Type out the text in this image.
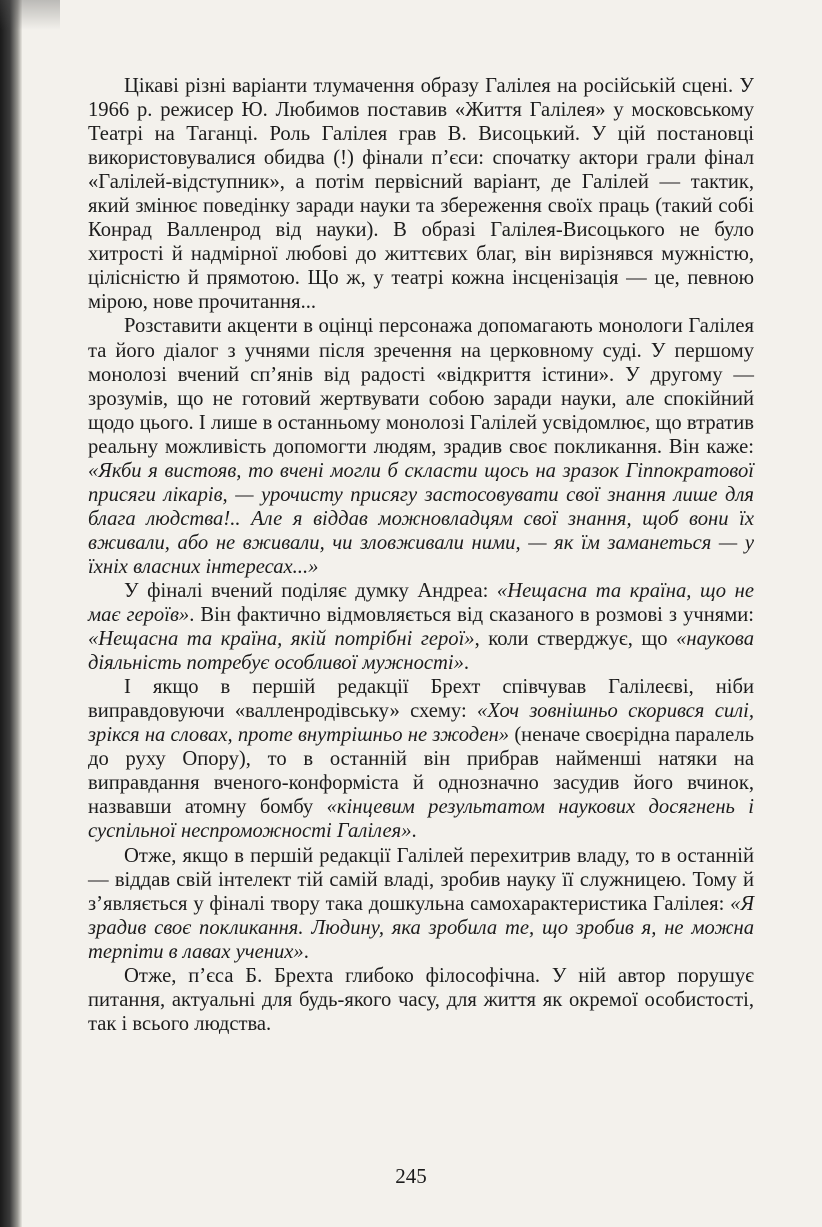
Цікаві різні варіанти тлумачення образу Галілея на російській сцені. У 1966 р. режисер Ю. Любимов поставив «Життя Галілея» у московському Театрі на Таганці. Роль Галілея грав В. Висоцький. У цій постановці використовувалися обидва (!) фінали п’єси: спочатку актори грали фінал «Галілей-відступник», а потім первісний варіант, де Галілей — тактик, який змінює поведінку заради науки та збереження своїх праць (такий собі Конрад Валленрод від науки). В образі Галілея-Висоцького не було хитрості й надмірної любові до життєвих благ, він вирізнявся мужністю, цілісністю й прямотою. Що ж, у театрі кожна інсценізація — це, певною мірою, нове прочитання...

Розставити акценти в оцінці персонажа допомагають монологи Галілея та його діалог з учнями після зречення на церковному суді. У першому монолозі вчений сп’янів від радості «відкриття істини». У другому — зрозумів, що не готовий жертвувати собою заради науки, але спокійний щодо цього. І лише в останньому монолозі Галілей усвідомлює, що втратив реальну можливість допомогти людям, зрадив своє покликання. Він каже: «Якби я вистояв, то вчені могли б скласти щось на зразок Гіппократової присяги лікарів, — урочисту присягу застосовувати свої знання лише для блага людства!.. Але я віддав можновладцям свої знання, щоб вони їх вживали, або не вживали, чи зловживали ними, — як їм заманеться — у їхніх власних інтересах...»

У фіналі вчений поділяє думку Андреа: «Нещасна та країна, що не має героїв». Він фактично відмовляється від сказаного в розмові з учнями: «Нещасна та країна, якій потрібні герої», коли стверджує, що «наукова діяльність потребує особливої мужності».

І якщо в першій редакції Брехт співчував Галілеєві, ніби виправдовуючи «валленродівську» схему: «Хоч зовнішньо скорився силі, зрікся на словах, проте внутрішньо не зжоден» (неначе своєрідна паралель до руху Опору), то в останній він прибрав найменші натяки на виправдання вченого-конформіста й однозначно засудив його вчинок, назвавши атомну бомбу «кінцевим результатом наукових досягнень і суспільної неспроможності Галілея».

Отже, якщо в першій редакції Галілей перехитрив владу, то в останній — віддав свій інтелект тій самій владі, зробив науку її служницею. Тому й з’являється у фіналі твору така дошкульна самохарактеристика Галілея: «Я зрадив своє покликання. Людину, яка зробила те, що зробив я, не можна терпіти в лавах учених».

Отже, п’єса Б. Брехта глибоко філософічна. У ній автор порушує питання, актуальні для будь-якого часу, для життя як окремої особистості, так і всього людства.

245
